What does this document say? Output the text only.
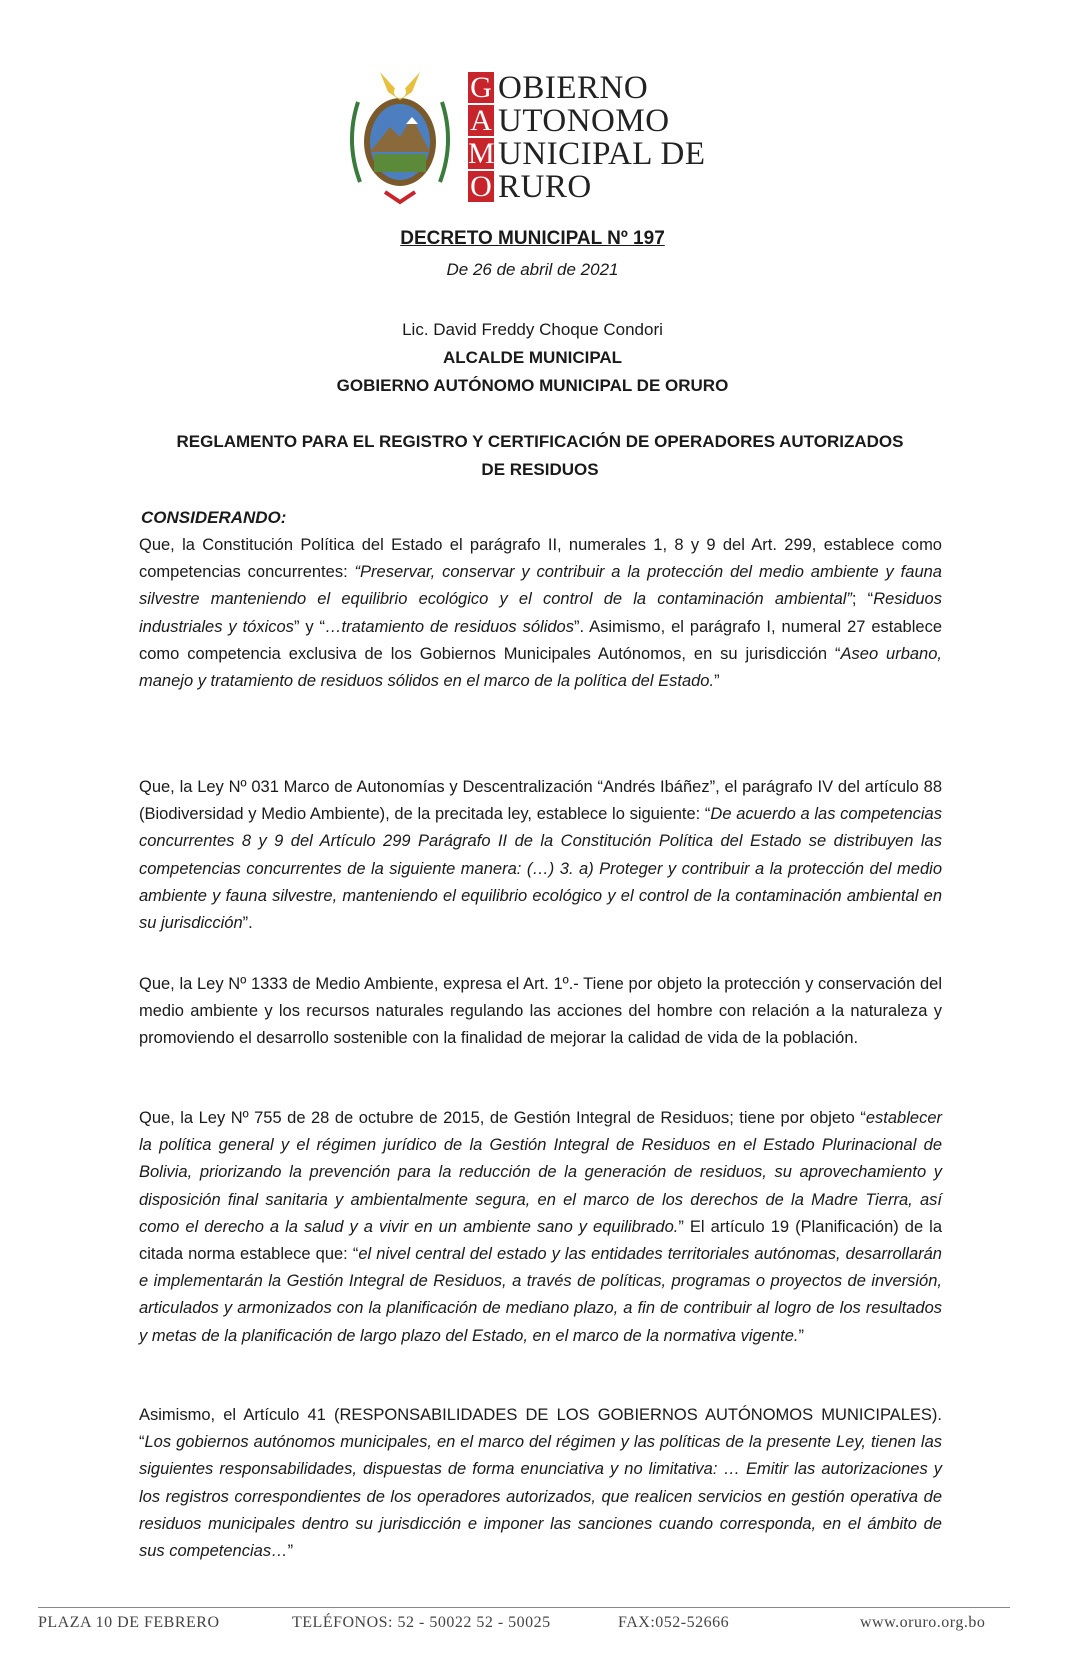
G
A
M
O
OBIERNO
UTONOMO
UNICIPAL DE
RURO
DECRETO MUNICIPAL Nº 197
De 26 de abril de 2021
Lic. David Freddy Choque Condori
ALCALDE MUNICIPAL
GOBIERNO AUTÓNOMO MUNICIPAL DE ORURO
REGLAMENTO PARA EL REGISTRO Y CERTIFICACIÓN DE OPERADORES AUTORIZADOS
DE RESIDUOS
CONSIDERANDO:
Que, la Constitución Política del Estado el parágrafo II, numerales 1, 8 y 9 del Art. 299, establece como competencias concurrentes: “Preservar, conservar y contribuir a la protección del medio ambiente y fauna silvestre manteniendo el equilibrio ecológico y el control de la contaminación ambiental”; “Residuos industriales y tóxicos” y “…tratamiento de residuos sólidos”. Asimismo, el parágrafo I, numeral 27 establece como competencia exclusiva de los Gobiernos Municipales Autónomos, en su jurisdicción “Aseo urbano, manejo y tratamiento de residuos sólidos en el marco de la política del Estado.”
Que, la Ley Nº 031 Marco de Autonomías y Descentralización “Andrés Ibáñez”, el parágrafo IV del artículo 88 (Biodiversidad y Medio Ambiente), de la precitada ley, establece lo siguiente: “De acuerdo a las competencias concurrentes 8 y 9 del Artículo 299 Parágrafo II de la Constitución Política del Estado se distribuyen las competencias concurrentes de la siguiente manera: (…) 3. a) Proteger y contribuir a la protección del medio ambiente y fauna silvestre, manteniendo el equilibrio ecológico y el control de la contaminación ambiental en su jurisdicción”.
Que, la Ley Nº 1333 de Medio Ambiente, expresa el Art. 1º.- Tiene por objeto la protección y conservación del medio ambiente y los recursos naturales regulando las acciones del hombre con relación a la naturaleza y promoviendo el desarrollo sostenible con la finalidad de mejorar la calidad de vida de la población.
Que, la Ley Nº 755 de 28 de octubre de 2015, de Gestión Integral de Residuos; tiene por objeto “establecer la política general y el régimen jurídico de la Gestión Integral de Residuos en el Estado Plurinacional de Bolivia, priorizando la prevención para la reducción de la generación de residuos, su aprovechamiento y disposición final sanitaria y ambientalmente segura, en el marco de los derechos de la Madre Tierra, así como el derecho a la salud y a vivir en un ambiente sano y equilibrado.” El artículo 19 (Planificación) de la citada norma establece que: “el nivel central del estado y las entidades territoriales autónomas, desarrollarán e implementarán la Gestión Integral de Residuos, a través de políticas, programas o proyectos de inversión, articulados y armonizados con la planificación de mediano plazo, a fin de contribuir al logro de los resultados y metas de la planificación de largo plazo del Estado, en el marco de la normativa vigente.”
Asimismo, el Artículo 41 (RESPONSABILIDADES DE LOS GOBIERNOS AUTÓNOMOS MUNICIPALES). “Los gobiernos autónomos municipales, en el marco del régimen y las políticas de la presente Ley, tienen las siguientes responsabilidades, dispuestas de forma enunciativa y no limitativa: … Emitir las autorizaciones y los registros correspondientes de los operadores autorizados, que realicen servicios en gestión operativa de residuos municipales dentro su jurisdicción e imponer las sanciones cuando corresponda, en el ámbito de sus competencias…”
PLAZA 10 DE FEBRERO	TELÉFONOS: 52 - 50022 52 - 50025	FAX:052-52666	www.oruro.org.bo
